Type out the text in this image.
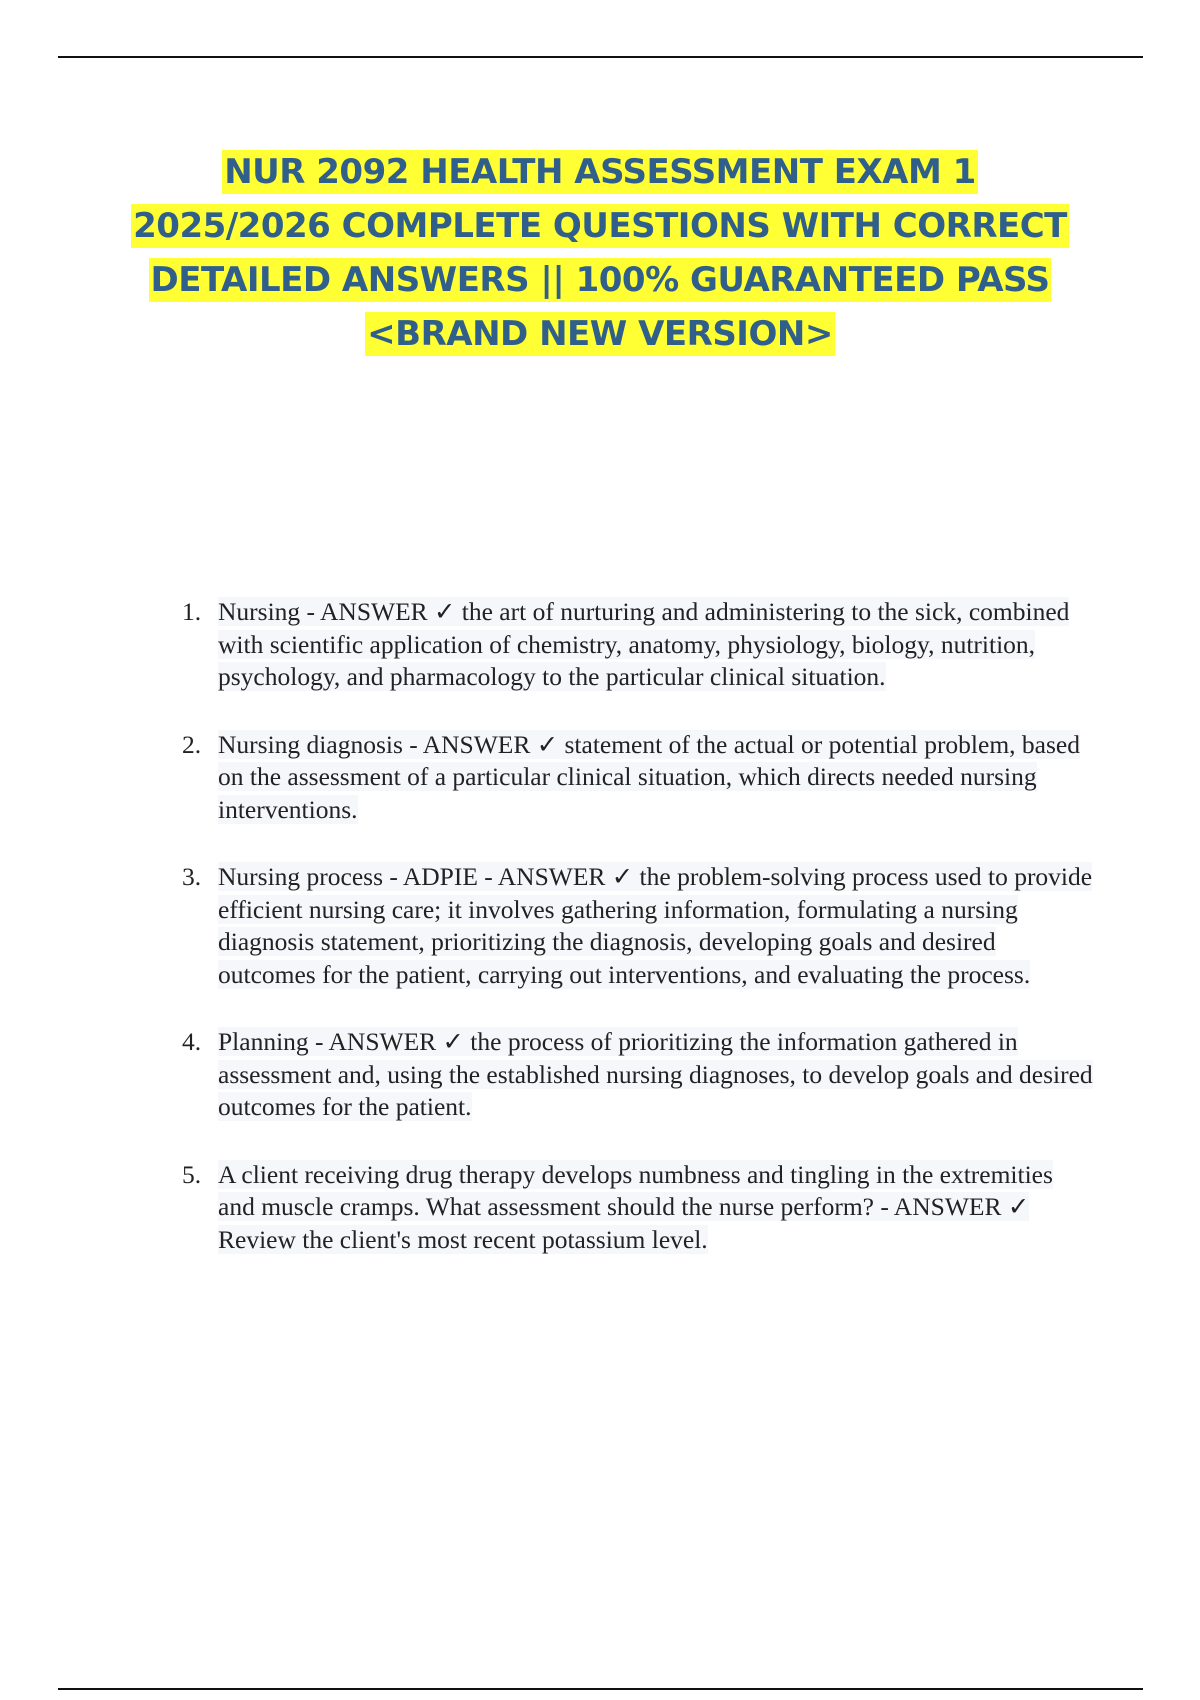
NUR 2092 HEALTH ASSESSMENT EXAM 1
2025/2026 COMPLETE QUESTIONS WITH CORRECT
DETAILED ANSWERS || 100% GUARANTEED PASS
<BRAND NEW VERSION>
1. Nursing - ANSWER ✓ the art of nurturing and administering to the sick, combined with scientific application of chemistry, anatomy, physiology, biology, nutrition, psychology, and pharmacology to the particular clinical situation.
2. Nursing diagnosis - ANSWER ✓ statement of the actual or potential problem, based on the assessment of a particular clinical situation, which directs needed nursing interventions.
3. Nursing process - ADPIE - ANSWER ✓ the problem-solving process used to provide efficient nursing care; it involves gathering information, formulating a nursing diagnosis statement, prioritizing the diagnosis, developing goals and desired outcomes for the patient, carrying out interventions, and evaluating the process.
4. Planning - ANSWER ✓ the process of prioritizing the information gathered in assessment and, using the established nursing diagnoses, to develop goals and desired outcomes for the patient.
5. A client receiving drug therapy develops numbness and tingling in the extremities and muscle cramps. What assessment should the nurse perform? - ANSWER ✓ Review the client's most recent potassium level.
